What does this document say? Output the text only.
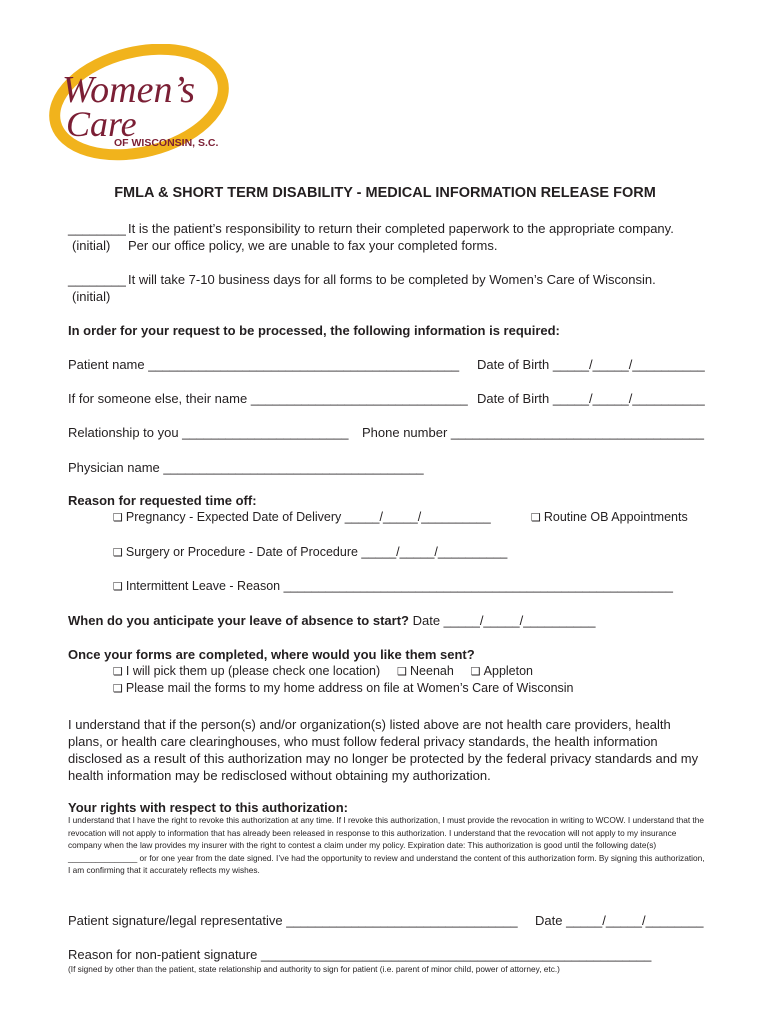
Women’s
Care
OF WISCONSIN, S.C.
FMLA & SHORT TERM DISABILITY - MEDICAL INFORMATION RELEASE FORM
________ It is the patient’s responsibility to return their completed paperwork to the appropriate company.
(initial) Per our office policy, we are unable to fax your completed forms.
________ It will take 7-10 business days for all forms to be completed by Women’s Care of Wisconsin.
(initial)
In order for your request to be processed, the following information is required:
Patient name ___________________________________________ Date of Birth _____/_____/__________
If for someone else, their name ______________________________ Date of Birth _____/_____/__________
Relationship to you _______________________ Phone number ___________________________________
Physician name ____________________________________
Reason for requested time off:
❑ Pregnancy - Expected Date of Delivery _____/_____/__________	❑ Routine OB Appointments
❑ Surgery or Procedure - Date of Procedure _____/_____/__________
❑ Intermittent Leave - Reason ________________________________________________________
When do you anticipate your leave of absence to start? Date _____/_____/__________
Once your forms are completed, where would you like them sent?
❑ I will pick them up (please check one location) ❑ Neenah ❑ Appleton
❑ Please mail the forms to my home address on file at Women’s Care of Wisconsin
I understand that if the person(s) and/or organization(s) listed above are not health care providers, health plans, or health care clearinghouses, who must follow federal privacy standards, the health information disclosed as a result of this authorization may no longer be protected by the federal privacy standards and my health information may be redisclosed without obtaining my authorization.
Your rights with respect to this authorization:
I understand that I have the right to revoke this authorization at any time. If I revoke this authorization, I must provide the revocation in writing to WCOW. I understand that the revocation will not apply to information that has already been released in response to this authorization. I understand that the revocation will not apply to my insurance company when the law provides my insurer with the right to contest a claim under my policy. Expiration date: This authorization is good until the following date(s) _______________ or for one year from the date signed. I’ve had the opportunity to review and understand the content of this authorization form. By signing this authorization, I am confirming that it accurately reflects my wishes.
Patient signature/legal representative ________________________________ Date _____/_____/________
Reason for non-patient signature ______________________________________________________
(If signed by other than the patient, state relationship and authority to sign for patient (i.e. parent of minor child, power of attorney, etc.)
